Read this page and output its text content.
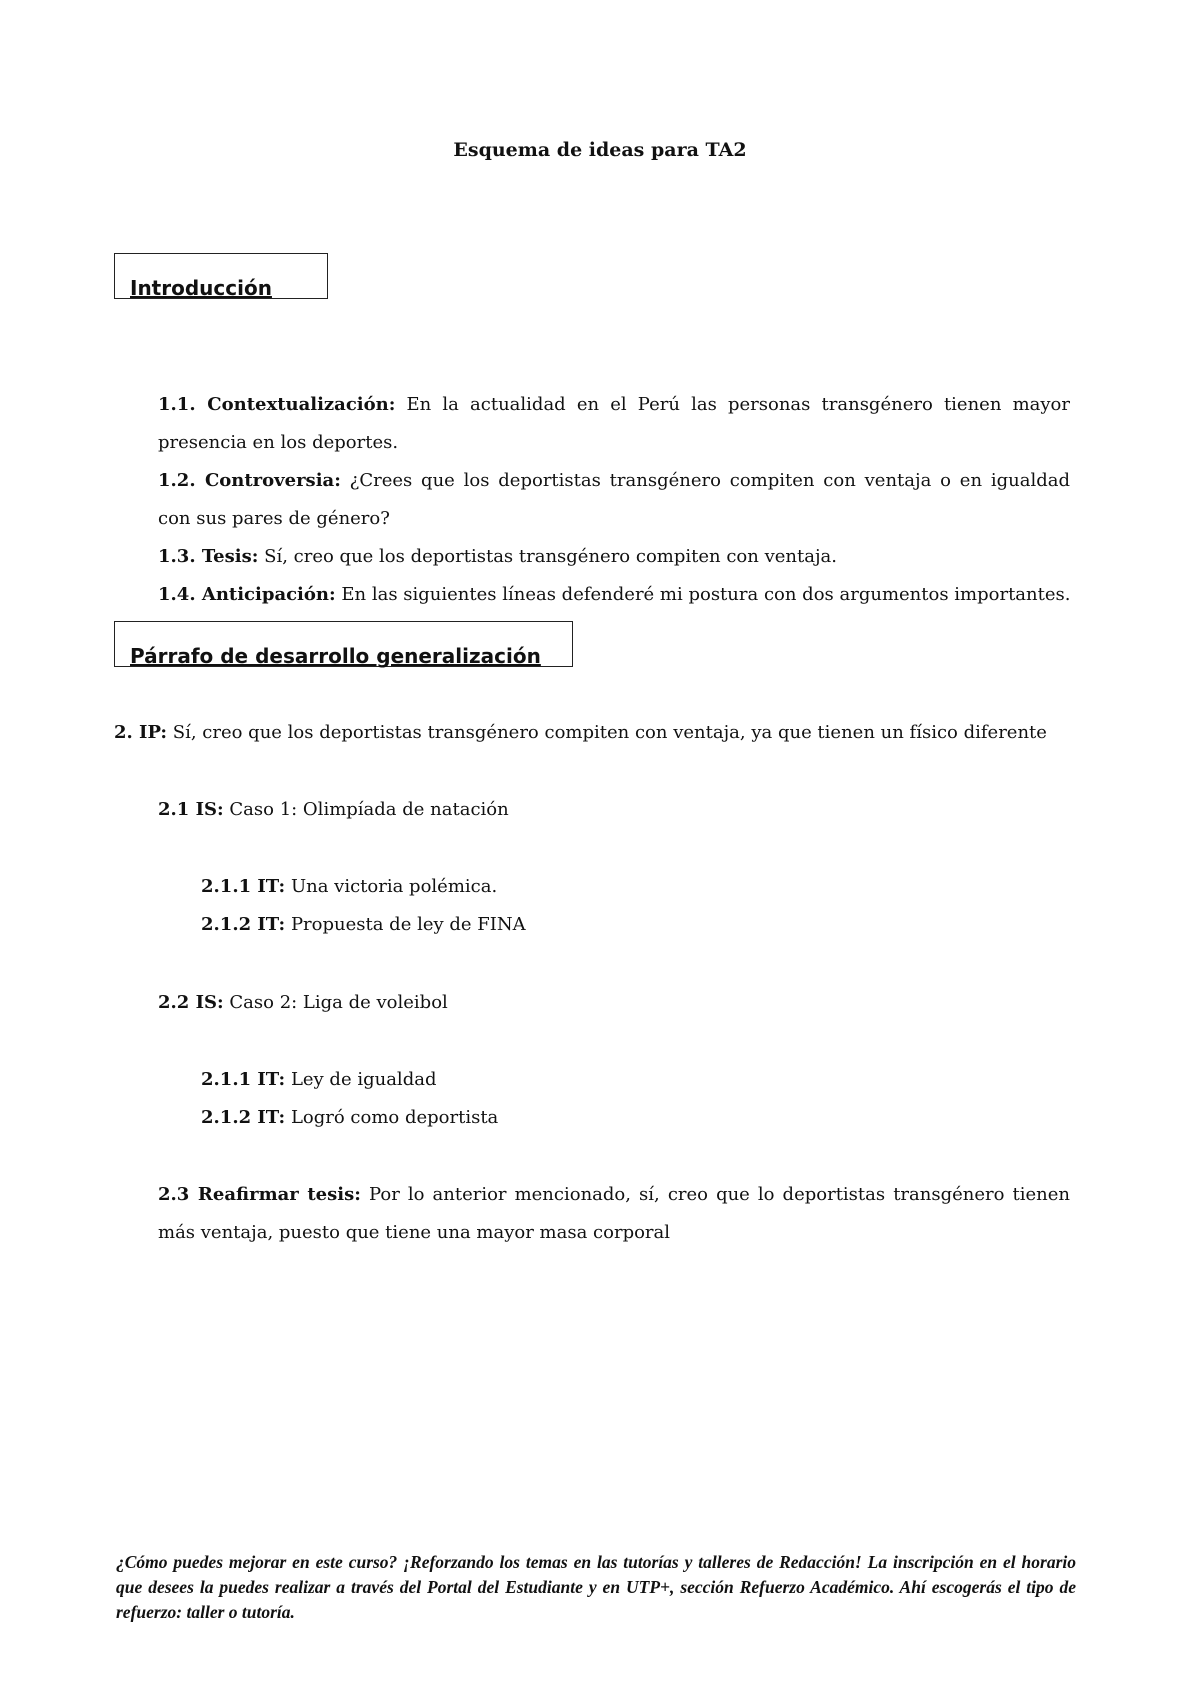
Esquema de ideas para TA2
Introducción
1.1. Contextualización: En la actualidad en el Perú las personas transgénero tienen mayor presencia en los deportes.
1.2. Controversia: ¿Crees que los deportistas transgénero compiten con ventaja o en igualdad con sus pares de género?
1.3. Tesis: Sí, creo que los deportistas transgénero compiten con ventaja.
1.4. Anticipación: En las siguientes líneas defenderé mi postura con dos argumentos importantes.
Párrafo de desarrollo generalización
2. IP: Sí, creo que los deportistas transgénero compiten con ventaja, ya que tienen un físico diferente
2.1 IS: Caso 1: Olimpíada de natación
2.1.1 IT: Una victoria polémica.
2.1.2 IT: Propuesta de ley de FINA
2.2 IS: Caso 2: Liga de voleibol
2.1.1 IT: Ley de igualdad
2.1.2 IT: Logró como deportista
2.3 Reafirmar tesis: Por lo anterior mencionado, sí, creo que lo deportistas transgénero tienen más ventaja, puesto que tiene una mayor masa corporal
¿Cómo puedes mejorar en este curso? ¡Reforzando los temas en las tutorías y talleres de Redacción! La inscripción en el horario que desees la puedes realizar a través del Portal del Estudiante y en UTP+, sección Refuerzo Académico. Ahí escogerás el tipo de refuerzo: taller o tutoría.
